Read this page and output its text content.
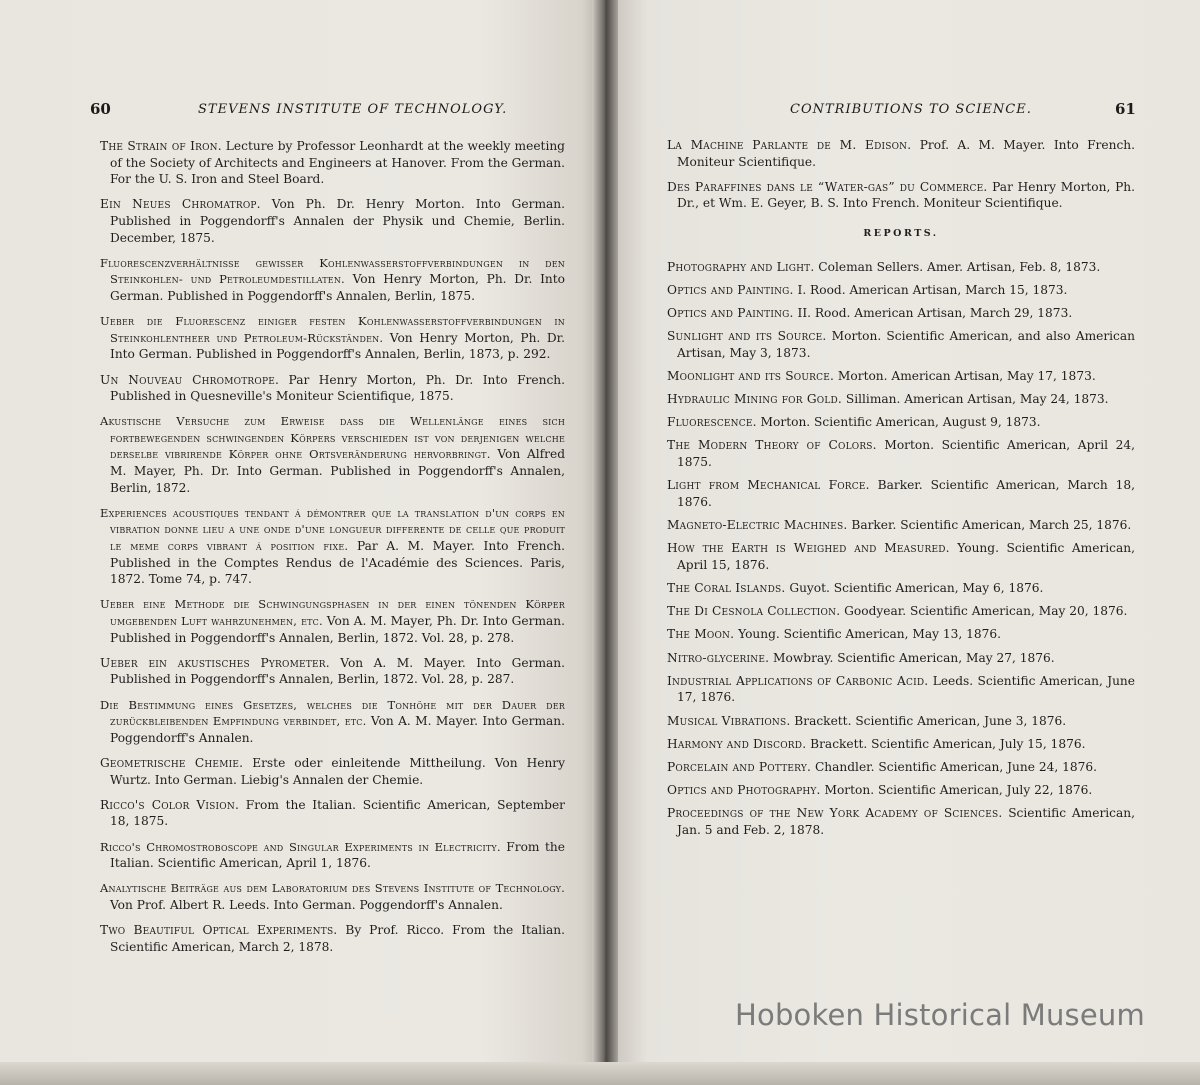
60	STEVENS INSTITUTE OF TECHNOLOGY.
The Strain of Iron. Lecture by Professor Leonhardt at the weekly meeting of the Society of Architects and Engineers at Hanover. From the German. For the U. S. Iron and Steel Board.
Ein Neues Chromatrop. Von Ph. Dr. Henry Morton. Into German. Published in Poggendorff's Annalen der Physik und Chemie, Berlin. December, 1875.
Fluorescenzverhältnisse gewisser Kohlenwasserstoffverbindungen in den Steinkohlen- und Petroleumdestillaten. Von Henry Morton, Ph. Dr. Into German. Published in Poggendorff's Annalen, Berlin, 1875.
Ueber die Fluorescenz einiger festen Kohlenwasserstoffverbindungen in Steinkohlentheer und Petroleum-Rückständen. Von Henry Morton, Ph. Dr. Into German. Published in Poggendorff's Annalen, Berlin, 1873, p. 292.
Un Nouveau Chromotrope. Par Henry Morton, Ph. Dr. Into French. Published in Quesneville's Moniteur Scientifique, 1875.
Akustische Versuche zum Erweise dass die Wellenlänge eines sich fortbewegenden schwingenden Körpers verschieden ist von derjenigen welche derselbe vibrirende Körper ohne Ortsveränderung hervorbringt. Von Alfred M. Mayer, Ph. Dr. Into German. Published in Poggendorff's Annalen, Berlin, 1872.
Experiences acoustiques tendant á démontrer que la translation d'un corps en vibration donne lieu a une onde d'une longueur differente de celle que produit le meme corps vibrant á position fixe. Par A. M. Mayer. Into French. Published in the Comptes Rendus de l'Académie des Sciences. Paris, 1872. Tome 74, p. 747.
Ueber eine Methode die Schwingungsphasen in der einen tönenden Körper umgebenden Luft wahrzunehmen, etc. Von A. M. Mayer, Ph. Dr. Into German. Published in Poggendorff's Annalen, Berlin, 1872. Vol. 28, p. 278.
Ueber ein akustisches Pyrometer. Von A. M. Mayer. Into German. Published in Poggendorff's Annalen, Berlin, 1872. Vol. 28, p. 287.
Die Bestimmung eines Gesetzes, welches die Tonhöhe mit der Dauer der zurückbleibenden Empfindung verbindet, etc. Von A. M. Mayer. Into German. Poggendorff's Annalen.
Geometrische Chemie. Erste oder einleitende Mittheilung. Von Henry Wurtz. Into German. Liebig's Annalen der Chemie.
Ricco's Color Vision. From the Italian. Scientific American, September 18, 1875.
Ricco's Chromostroboscope and Singular Experiments in Electricity. From the Italian. Scientific American, April 1, 1876.
Analytische Beiträge aus dem Laboratorium des Stevens Institute of Technology. Von Prof. Albert R. Leeds. Into German. Poggendorff's Annalen.
Two Beautiful Optical Experiments. By Prof. Ricco. From the Italian. Scientific American, March 2, 1878.
CONTRIBUTIONS TO SCIENCE.	61
La Machine Parlante de M. Edison. Prof. A. M. Mayer. Into French. Moniteur Scientifique.
Des Paraffines dans le “Water-gas” du Commerce. Par Henry Morton, Ph. Dr., et Wm. E. Geyer, B. S. Into French. Moniteur Scientifique.
REPORTS.
Photography and Light. Coleman Sellers. Amer. Artisan, Feb. 8, 1873.
Optics and Painting. I. Rood. American Artisan, March 15, 1873.
Optics and Painting. II. Rood. American Artisan, March 29, 1873.
Sunlight and its Source. Morton. Scientific American, and also American Artisan, May 3, 1873.
Moonlight and its Source. Morton. American Artisan, May 17, 1873.
Hydraulic Mining for Gold. Silliman. American Artisan, May 24, 1873.
Fluorescence. Morton. Scientific American, August 9, 1873.
The Modern Theory of Colors. Morton. Scientific American, April 24, 1875.
Light from Mechanical Force. Barker. Scientific American, March 18, 1876.
Magneto-Electric Machines. Barker. Scientific American, March 25, 1876.
How the Earth is Weighed and Measured. Young. Scientific American, April 15, 1876.
The Coral Islands. Guyot. Scientific American, May 6, 1876.
The Di Cesnola Collection. Goodyear. Scientific American, May 20, 1876.
The Moon. Young. Scientific American, May 13, 1876.
Nitro-glycerine. Mowbray. Scientific American, May 27, 1876.
Industrial Applications of Carbonic Acid. Leeds. Scientific American, June 17, 1876.
Musical Vibrations. Brackett. Scientific American, June 3, 1876.
Harmony and Discord. Brackett. Scientific American, July 15, 1876.
Porcelain and Pottery. Chandler. Scientific American, June 24, 1876.
Optics and Photography. Morton. Scientific American, July 22, 1876.
Proceedings of the New York Academy of Sciences. Scientific American, Jan. 5 and Feb. 2, 1878.
Hoboken Historical Museum
